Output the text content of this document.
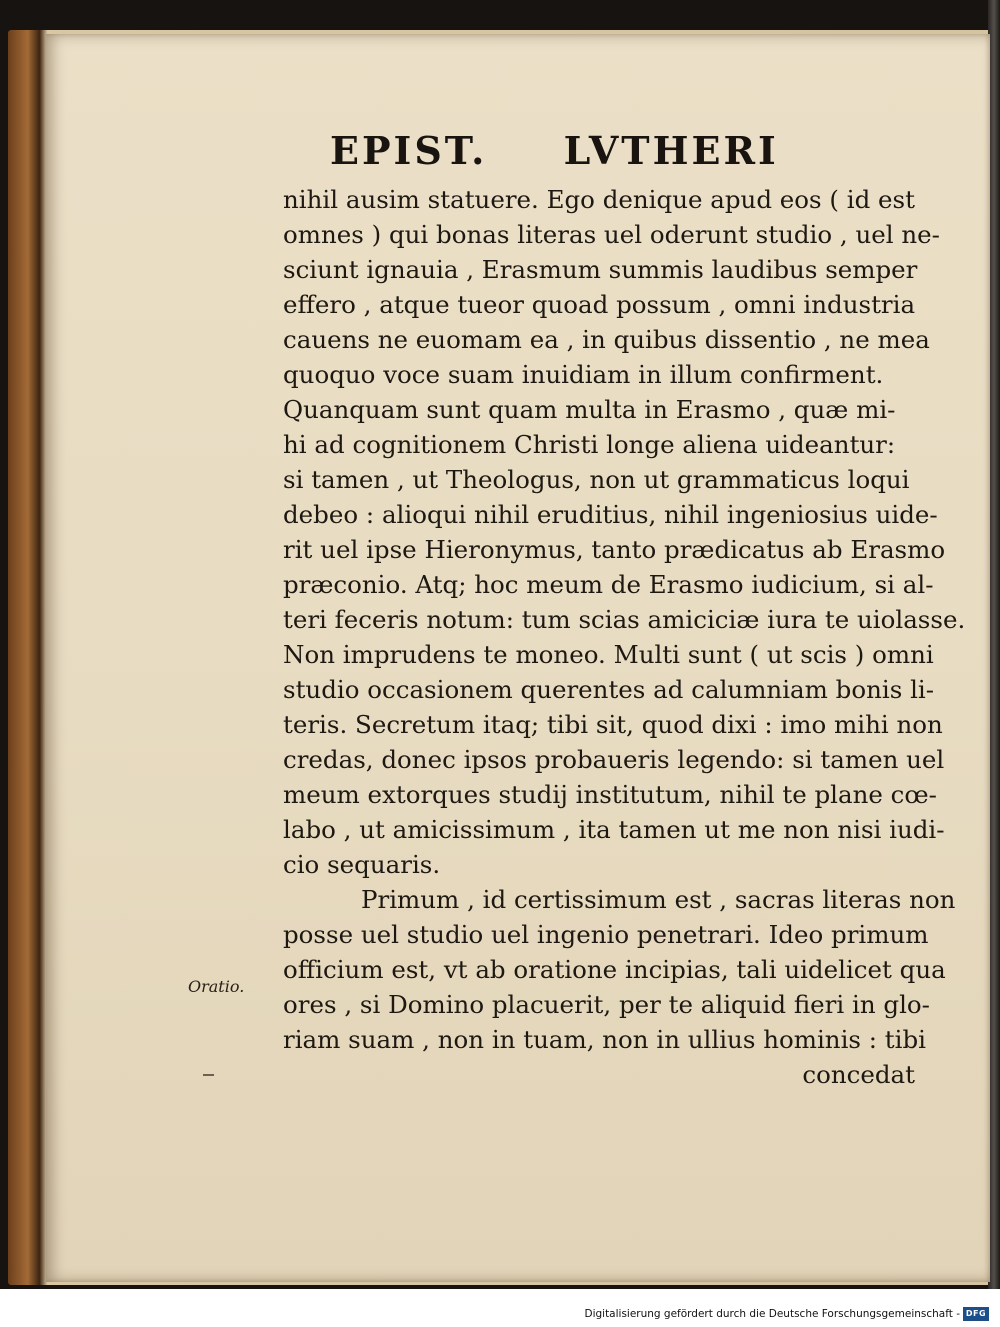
EPIST. LVTHERI
nihil ausim statuere. Ego denique apud eos ( id est
omnes ) qui bonas literas uel oderunt studio , uel ne-
sciunt ignauia , Erasmum summis laudibus semper
effero , atque tueor quoad possum , omni industria
cauens ne euomam ea , in quibus dissentio , ne mea
quoquo voce suam inuidiam in illum confirment.
Quanquam sunt quam multa in Erasmo , quæ mi-
hi ad cognitionem Christi longe aliena uideantur:
si tamen , ut Theologus, non ut grammaticus loqui
debeo : alioqui nihil eruditius, nihil ingeniosius uide-
rit uel ipse Hieronymus, tanto prædicatus ab Erasmo
præconio. Atq; hoc meum de Erasmo iudicium, si al-
teri feceris notum: tum scias amiciciæ iura te uiolasse.
Non imprudens te moneo. Multi sunt ( ut scis ) omni
studio occasionem querentes ad calumniam bonis li-
teris. Secretum itaq; tibi sit, quod dixi : imo mihi non
credas, donec ipsos probaueris legendo: si tamen uel
meum extorques studij institutum, nihil te plane cœ-
labo , ut amicissimum , ita tamen ut me non nisi iudi-
cio sequaris.
Primum , id certissimum est , sacras literas non
posse uel studio uel ingenio penetrari. Ideo primum
officium est, vt ab oratione incipias, tali uidelicet qua
ores , si Domino placuerit, per te aliquid fieri in glo-
riam suam , non in tuam, non in ullius hominis : tibi
concedat
Oratio.
Digitalisierung gefördert durch die Deutsche Forschungsgemeinschaft - DFG
